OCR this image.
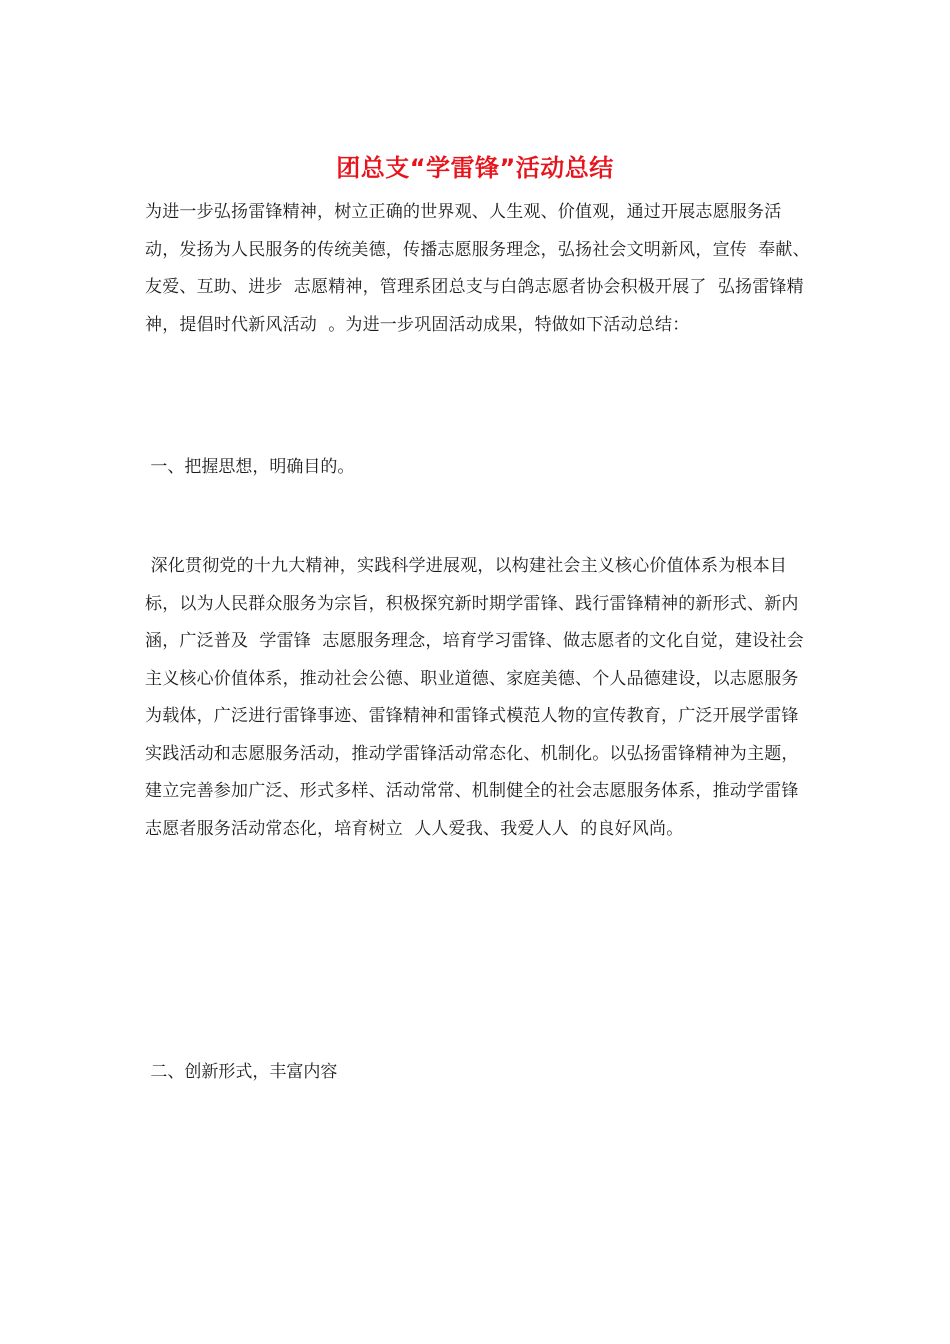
团总支“学雷锋”活动总结
为进一步弘扬雷锋精神，树立正确的世界观、人生观、价值观，通过开展志愿服务活动，发扬为人民服务的传统美德，传播志愿服务理念，弘扬社会文明新风，宣传  奉献、友爱、互助、进步  志愿精神，管理系团总支与白鸽志愿者协会积极开展了  弘扬雷锋精神，提倡时代新风活动  。为进一步巩固活动成果，特做如下活动总结：
一、把握思想，明确目的。
深化贯彻党的十九大精神，实践科学进展观，以构建社会主义核心价值体系为根本目标，以为人民群众服务为宗旨，积极探究新时期学雷锋、践行雷锋精神的新形式、新内涵，广泛普及  学雷锋  志愿服务理念，培育学习雷锋、做志愿者的文化自觉，建设社会主义核心价值体系，推动社会公德、职业道德、家庭美德、个人品德建设，以志愿服务为载体，广泛进行雷锋事迹、雷锋精神和雷锋式模范人物的宣传教育，广泛开展学雷锋实践活动和志愿服务活动，推动学雷锋活动常态化、机制化。以弘扬雷锋精神为主题，建立完善参加广泛、形式多样、活动常常、机制健全的社会志愿服务体系，推动学雷锋志愿者服务活动常态化，培育树立  人人爱我、我爱人人  的良好风尚。
二、创新形式，丰富内容
